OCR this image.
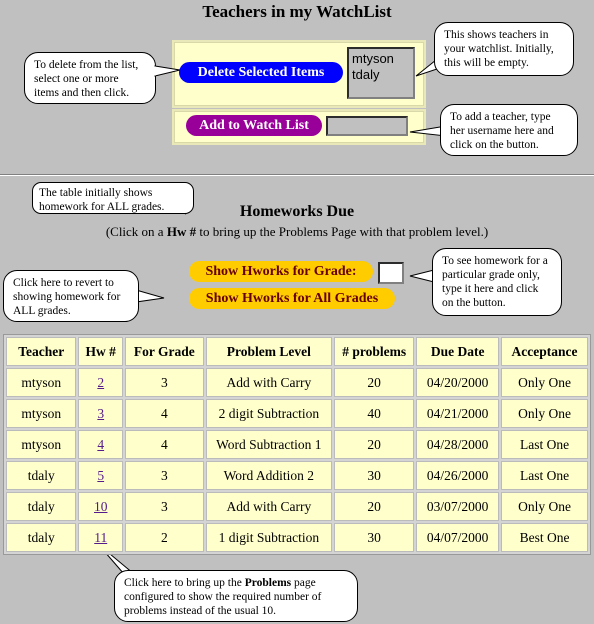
Teachers in my WatchList
Delete Selected Items
mtyson
tdaly
Add to Watch List
To delete from the list, select one or more items and then click.
This shows teachers in your watchlist. Initially, this will be empty.
To add a teacher, type her username here and click on the button.
The table initially shows homework for ALL grades.	Homeworks Due
(Click on a Hw # to bring up the Problems Page with that problem level.)
Show Hworks for Grade:
Show Hworks for All Grades
Click here to revert to showing homework for ALL grades.
To see homework for a particular grade only, type it here and click on the button.
Teacher	Hw #	For Grade	Problem Level	# problems	Due Date	Acceptance
mtyson	2	3	Add with Carry	20	04/20/2000	Only One
mtyson	3	4	2 digit Subtraction	40	04/21/2000	Only One
mtyson	4	4	Word Subtraction 1	20	04/28/2000	Last One
tdaly	5	3	Word Addition 2	30	04/26/2000	Last One
tdaly	10	3	Add with Carry	20	03/07/2000	Only One
tdaly	11	2	1 digit Subtraction	30	04/07/2000	Best One
Click here to bring up the Problems page configured to show the required number of problems instead of the usual 10.
